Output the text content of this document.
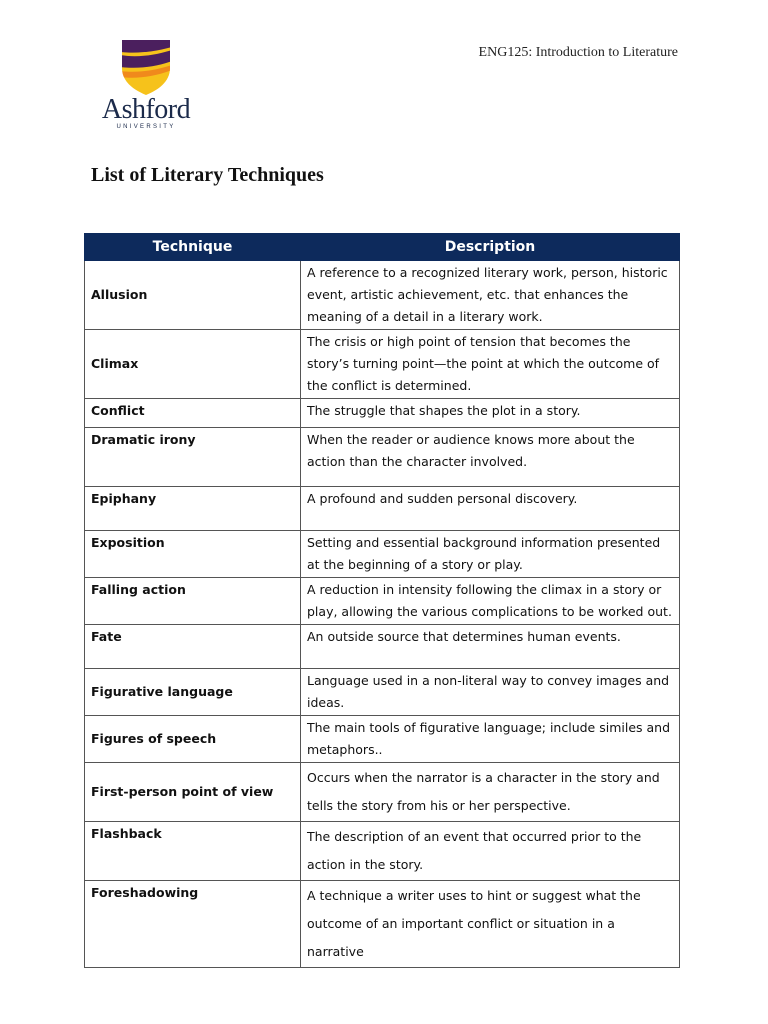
Ashford
UNIVERSITY
ENG125: Introduction to Literature
List of Literary Techniques
Technique	Description
Allusion	A reference to a recognized literary work, person, historic event, artistic achievement, etc. that enhances the meaning of a detail in a literary work.
Climax	The crisis or high point of tension that becomes the story’s turning point—the point at which the outcome of the conflict is determined.
Conflict	The struggle that shapes the plot in a story.
Dramatic irony	When the reader or audience knows more about the action than the character involved.
Epiphany	A profound and sudden personal discovery.
Exposition	Setting and essential background information presented at the beginning of a story or play.
Falling action	A reduction in intensity following the climax in a story or play, allowing the various complications to be worked out.
Fate	An outside source that determines human events.
Figurative language	Language used in a non-literal way to convey images and ideas.
Figures of speech	The main tools of figurative language; include similes and metaphors..
First-person point of view	Occurs when the narrator is a character in the story and tells the story from his or her perspective.
Flashback	The description of an event that occurred prior to the action in the story.
Foreshadowing	A technique a writer uses to hint or suggest what the outcome of an important conflict or situation in a narrative
